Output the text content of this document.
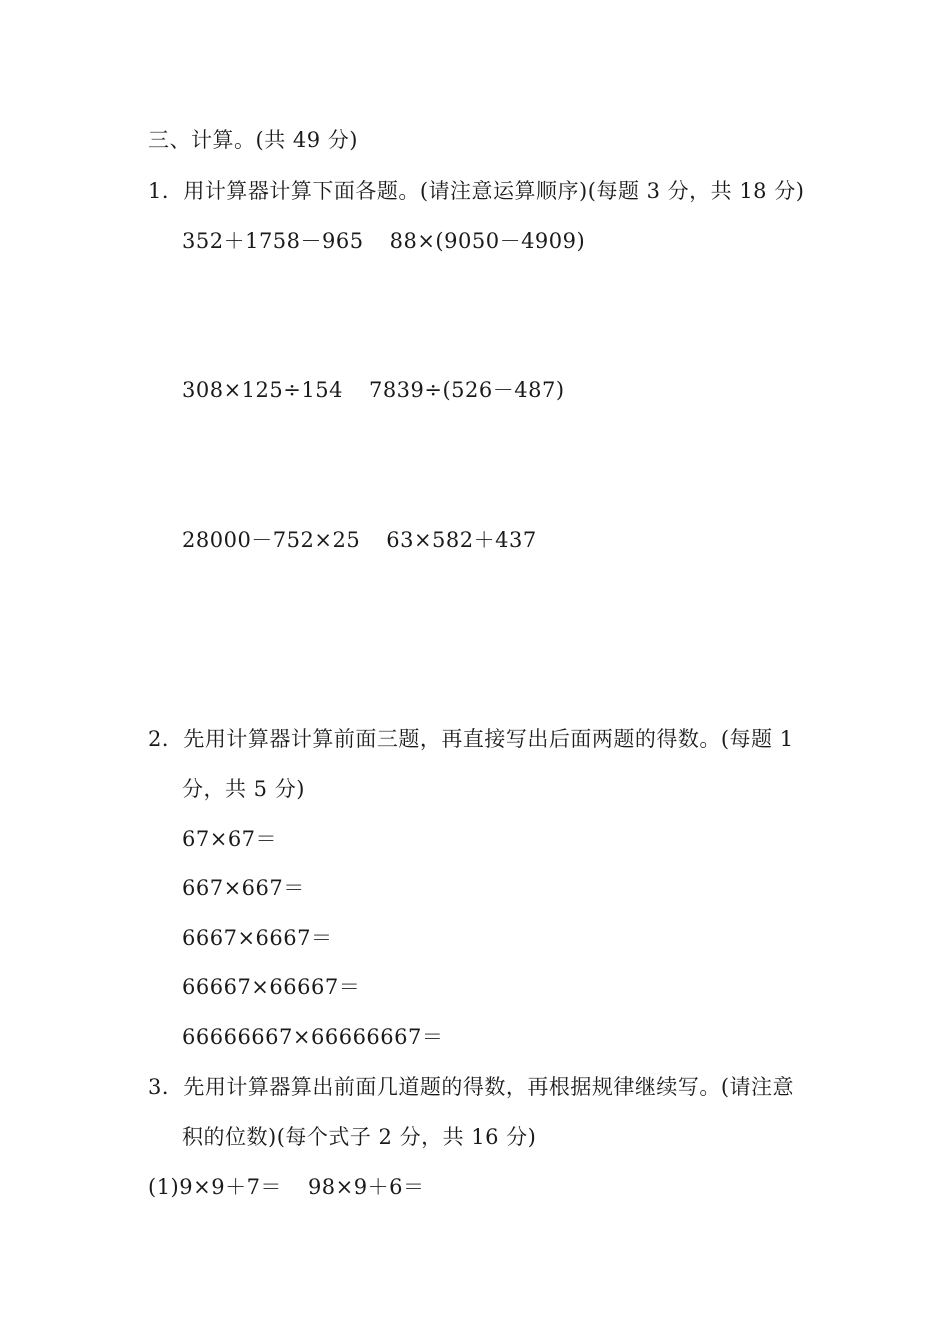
三、计算。(共 49 分)
1．用计算器计算下面各题。(请注意运算顺序)(每题 3 分，共 18 分)
352＋1758－965 88×(9050－4909)
308×125÷154 7839÷(526－487)
28000－752×25 63×582＋437
2．先用计算器计算前面三题，再直接写出后面两题的得数。(每题 1
分，共 5 分)
67×67＝
667×667＝
6667×6667＝
66667×66667＝
66666667×66666667＝
3．先用计算器算出前面几道题的得数，再根据规律继续写。(请注意
积的位数)(每个式子 2 分，共 16 分)
(1)9×9＋7＝ 98×9＋6＝
